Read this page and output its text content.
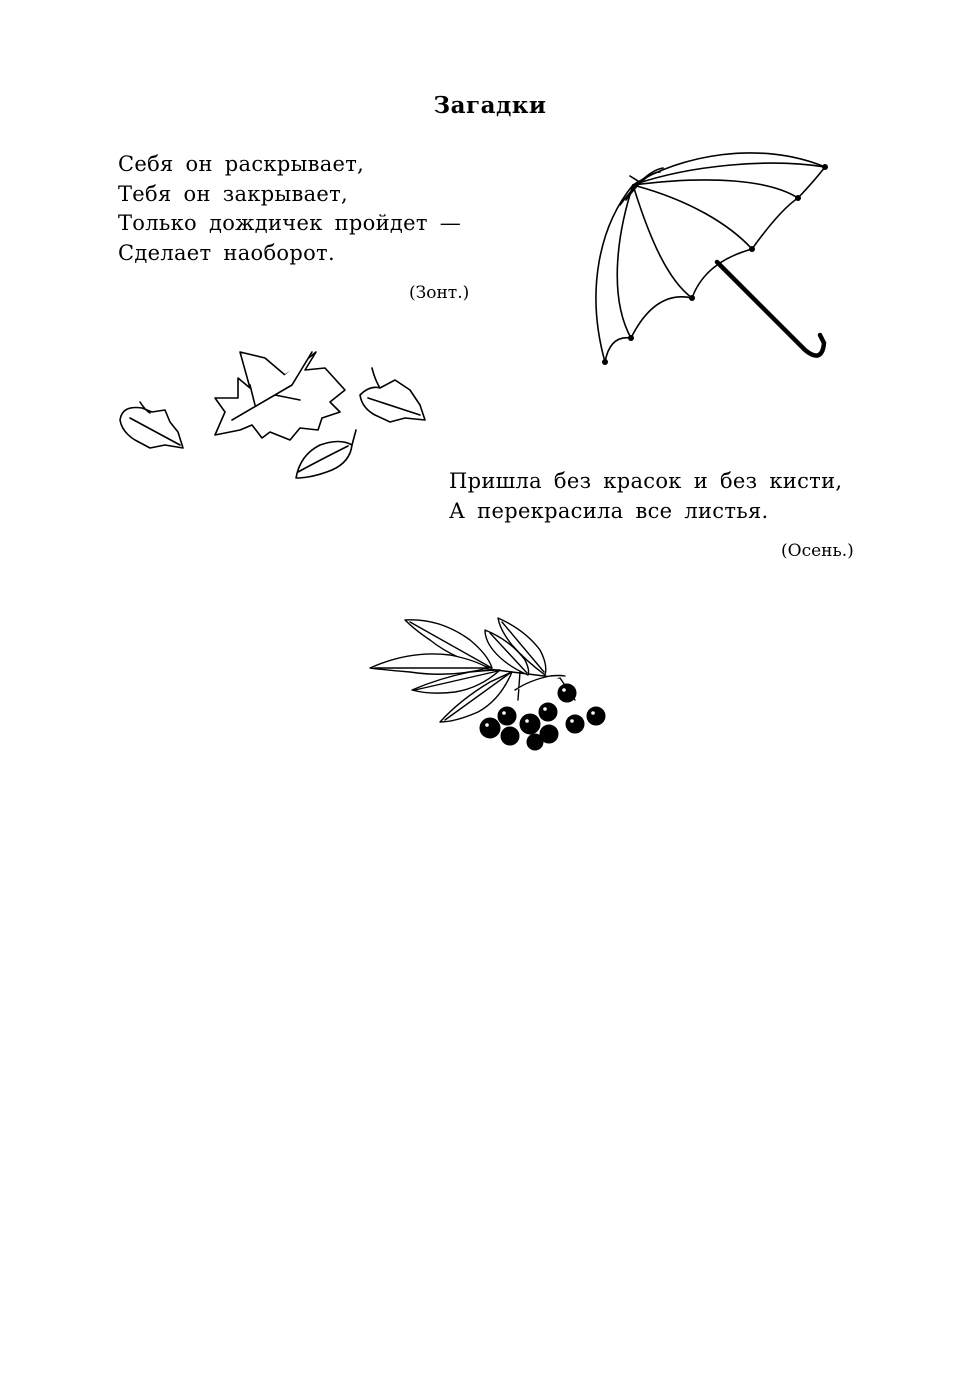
Загадки
Себя он раскрывает,
Тебя он закрывает,
Только дождичек пройдет —
Сделает наоборот.
(Зонт.)
Пришла без красок и без кисти,
А перекрасила все листья.
(Осень.)
